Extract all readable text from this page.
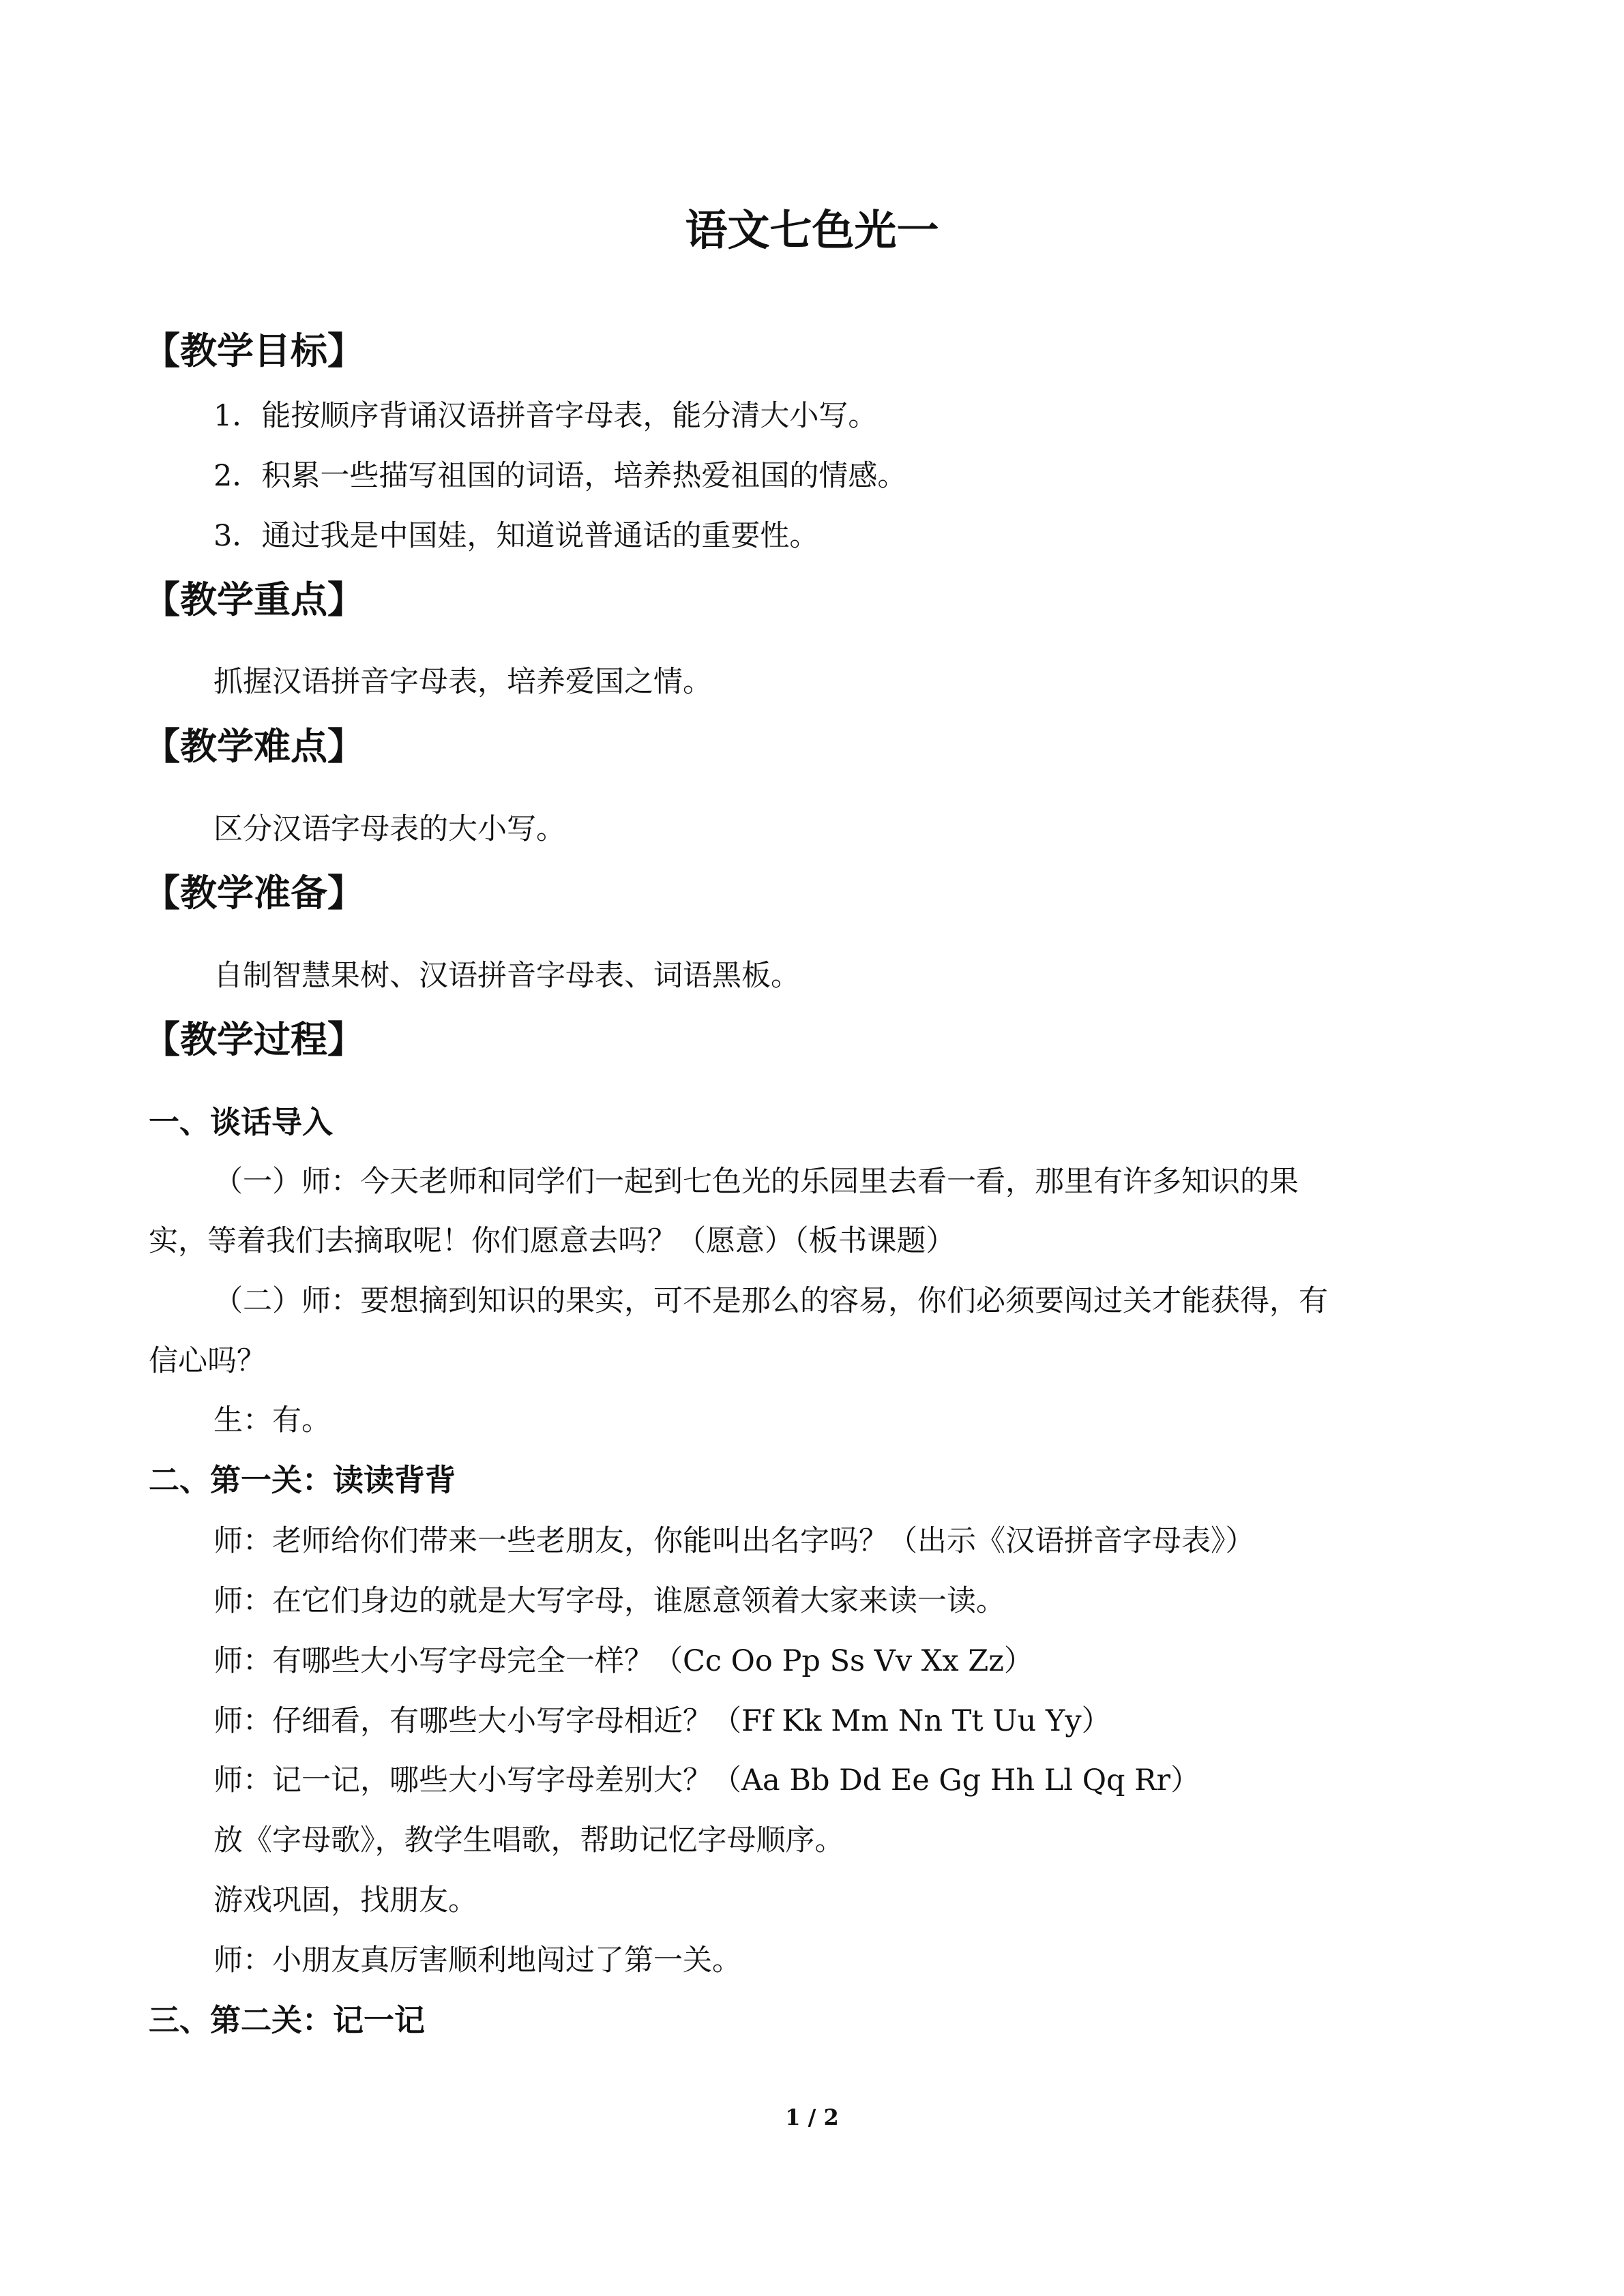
语文七色光一
【教学目标】
1．能按顺序背诵汉语拼音字母表，能分清大小写。
2．积累一些描写祖国的词语，培养热爱祖国的情感。
3．通过我是中国娃，知道说普通话的重要性。
【教学重点】
抓握汉语拼音字母表，培养爱国之情。
【教学难点】
区分汉语字母表的大小写。
【教学准备】
自制智慧果树、汉语拼音字母表、词语黑板。
【教学过程】
一、谈话导入
（一）师：今天老师和同学们一起到七色光的乐园里去看一看，那里有许多知识的果
实，等着我们去摘取呢！你们愿意去吗？（愿意）（板书课题）
（二）师：要想摘到知识的果实，可不是那么的容易，你们必须要闯过关才能获得，有
信心吗？
生：有。
二、第一关：读读背背
师：老师给你们带来一些老朋友，你能叫出名字吗？（出示《汉语拼音字母表》）
师：在它们身边的就是大写字母，谁愿意领着大家来读一读。
师：有哪些大小写字母完全一样？（Cc Oo Pp Ss Vv Xx Zz）
师：仔细看，有哪些大小写字母相近？（Ff Kk Mm Nn Tt Uu Yy）
师：记一记，哪些大小写字母差别大？（Aa Bb Dd Ee Gg Hh Ll Qq Rr）
放《字母歌》，教学生唱歌，帮助记忆字母顺序。
游戏巩固，找朋友。
师：小朋友真厉害顺利地闯过了第一关。
三、第二关：记一记
1 / 2
